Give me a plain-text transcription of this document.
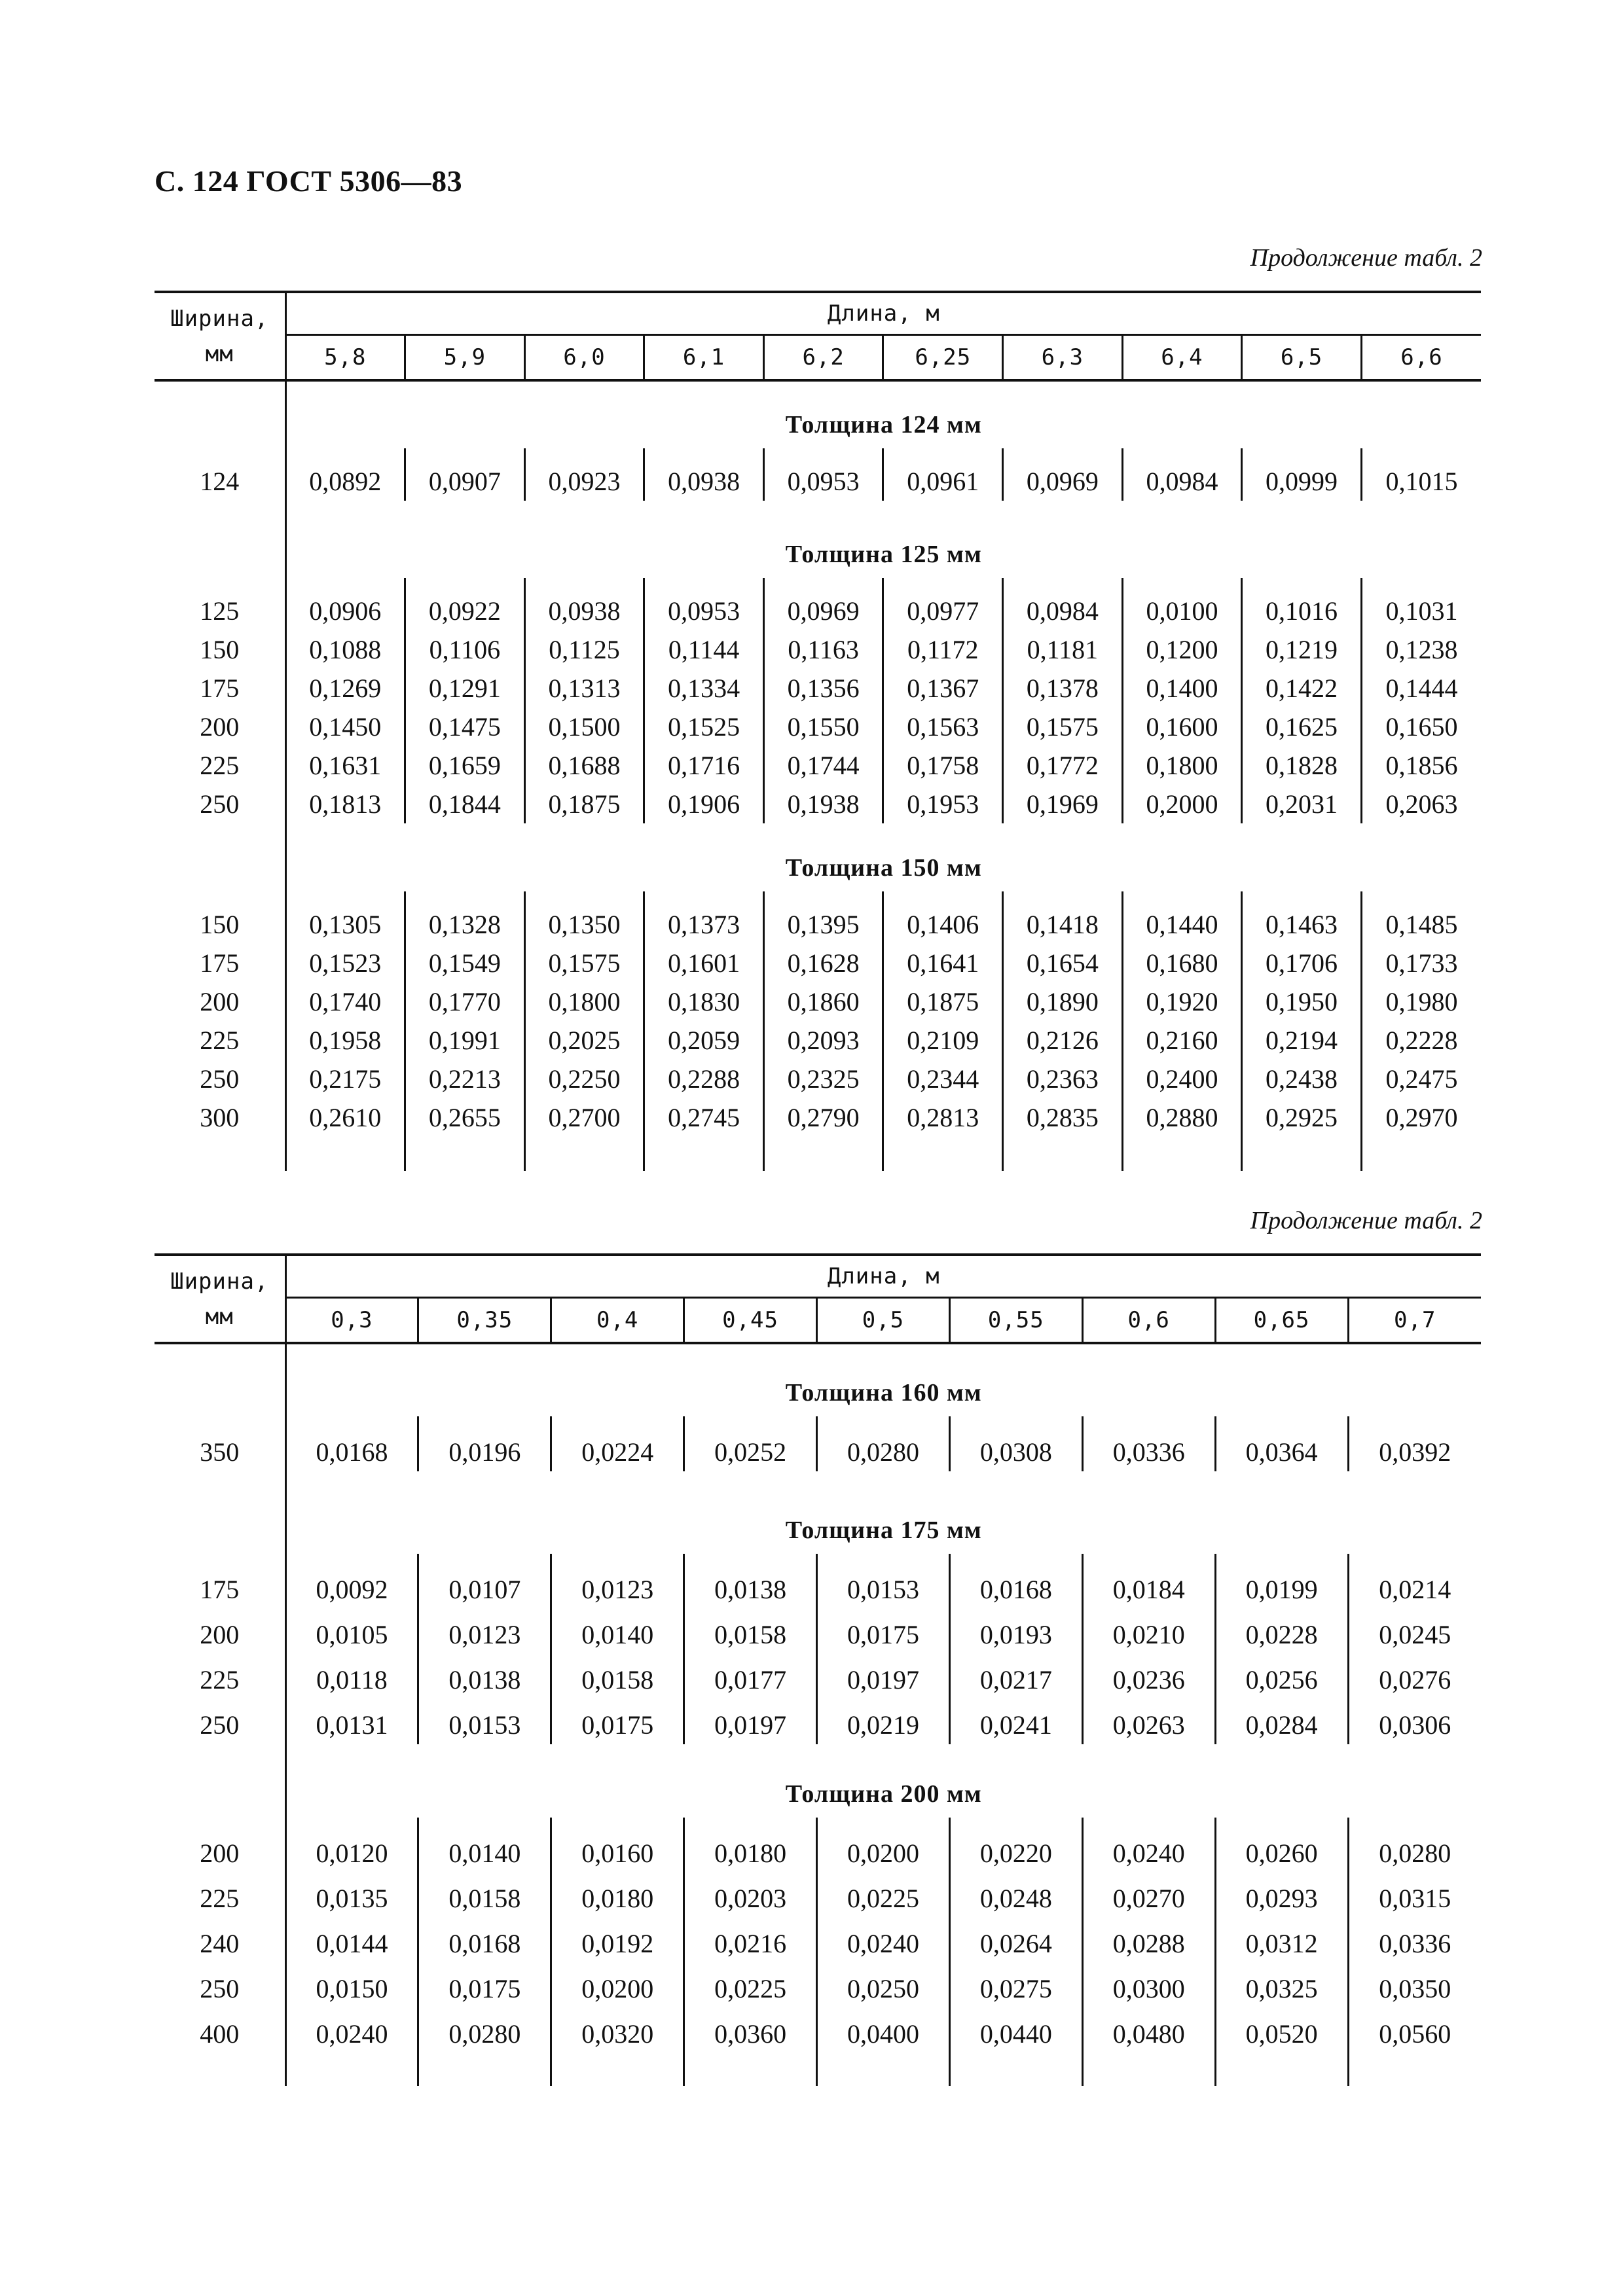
С. 124 ГОСТ 5306—83
Продолжение табл. 2
Ширина,
мм	Длина, м									
	5,8	5,9	6,0	6,1	6,2	6,25	6,3	6,4	6,5	6,6
	Толщина 124 мм									
124	0,0892	0,0907	0,0923	0,0938	0,0953	0,0961	0,0969	0,0984	0,0999	0,1015

	Толщина 125 мм									
125	0,0906	0,0922	0,0938	0,0953	0,0969	0,0977	0,0984	0,0100	0,1016	0,1031
150	0,1088	0,1106	0,1125	0,1144	0,1163	0,1172	0,1181	0,1200	0,1219	0,1238
175	0,1269	0,1291	0,1313	0,1334	0,1356	0,1367	0,1378	0,1400	0,1422	0,1444
200	0,1450	0,1475	0,1500	0,1525	0,1550	0,1563	0,1575	0,1600	0,1625	0,1650
225	0,1631	0,1659	0,1688	0,1716	0,1744	0,1758	0,1772	0,1800	0,1828	0,1856
250	0,1813	0,1844	0,1875	0,1906	0,1938	0,1953	0,1969	0,2000	0,2031	0,2063
	Толщина 150 мм									
150	0,1305	0,1328	0,1350	0,1373	0,1395	0,1406	0,1418	0,1440	0,1463	0,1485
175	0,1523	0,1549	0,1575	0,1601	0,1628	0,1641	0,1654	0,1680	0,1706	0,1733
200	0,1740	0,1770	0,1800	0,1830	0,1860	0,1875	0,1890	0,1920	0,1950	0,1980
225	0,1958	0,1991	0,2025	0,2059	0,2093	0,2109	0,2126	0,2160	0,2194	0,2228
250	0,2175	0,2213	0,2250	0,2288	0,2325	0,2344	0,2363	0,2400	0,2438	0,2475
300	0,2610	0,2655	0,2700	0,2745	0,2790	0,2813	0,2835	0,2880	0,2925	0,2970

Продолжение табл. 2
Ширина,
мм	Длина, м								
	0,3	0,35	0,4	0,45	0,5	0,55	0,6	0,65	0,7
	Толщина 160 мм								
350	0,0168	0,0196	0,0224	0,0252	0,0280	0,0308	0,0336	0,0364	0,0392

	Толщина 175 мм								
175	0,0092	0,0107	0,0123	0,0138	0,0153	0,0168	0,0184	0,0199	0,0214
200	0,0105	0,0123	0,0140	0,0158	0,0175	0,0193	0,0210	0,0228	0,0245
225	0,0118	0,0138	0,0158	0,0177	0,0197	0,0217	0,0236	0,0256	0,0276
250	0,0131	0,0153	0,0175	0,0197	0,0219	0,0241	0,0263	0,0284	0,0306
	Толщина 200 мм								
200	0,0120	0,0140	0,0160	0,0180	0,0200	0,0220	0,0240	0,0260	0,0280
225	0,0135	0,0158	0,0180	0,0203	0,0225	0,0248	0,0270	0,0293	0,0315
240	0,0144	0,0168	0,0192	0,0216	0,0240	0,0264	0,0288	0,0312	0,0336
250	0,0150	0,0175	0,0200	0,0225	0,0250	0,0275	0,0300	0,0325	0,0350
400	0,0240	0,0280	0,0320	0,0360	0,0400	0,0440	0,0480	0,0520	0,0560
